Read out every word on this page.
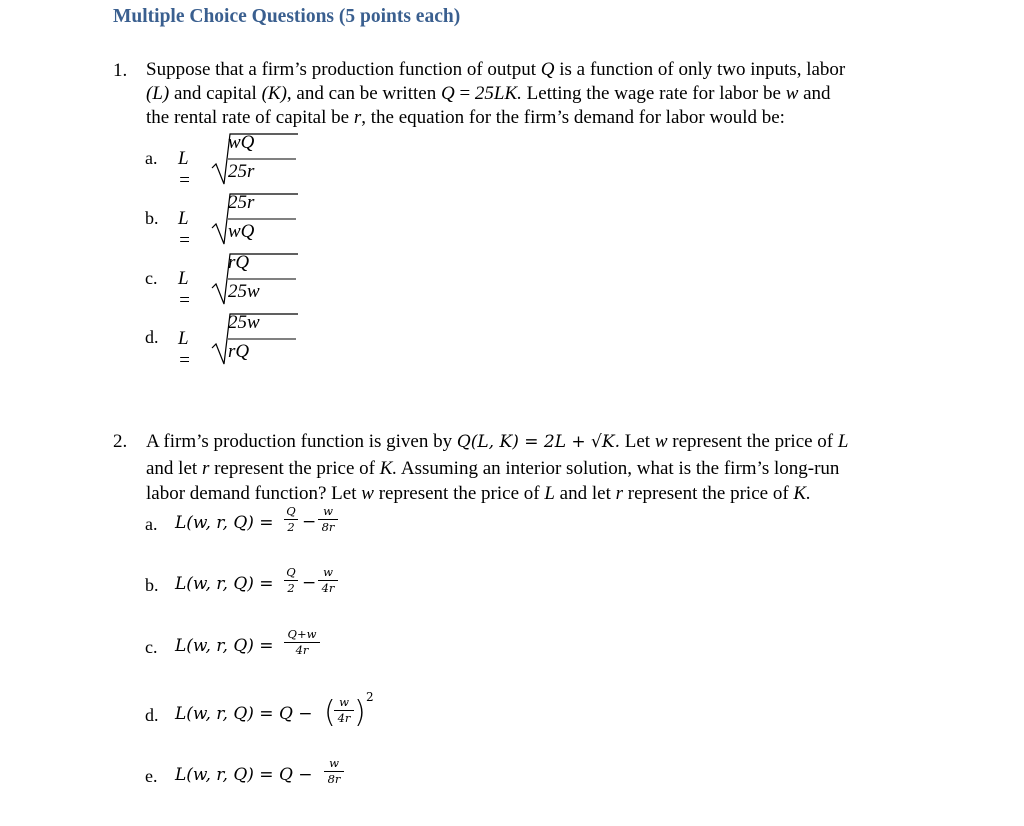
Multiple Choice Questions (5 points each)
1. Suppose that a firm’s production function of output Q is a function of only two inputs, labor
(L) and capital (K), and can be written Q = 25LK. Letting the wage rate for labor be w and
the rental rate of capital be r, the equation for the firm’s demand for labor would be:
a. L =
wQ
25r
b. L =
25r
wQ
c. L =
rQ
25w
d. L =
25w
rQ
2. A firm’s production function is given by Q(L, K) = 2L + √K. Let w represent the price of L
and let r represent the price of K. Assuming an interior solution, what is the firm’s long-run
labor demand function? Let w represent the price of L and let r represent the price of K.
a. L(w, r, Q) =
Q
2 −
w
8r
b. L(w, r, Q) =
Q
2 −
w
4r
c. L(w, r, Q) =
Q+w
4r
d. L(w, r, Q) = Q − ( w
4r ) 2
e. L(w, r, Q) = Q −
w
8r
